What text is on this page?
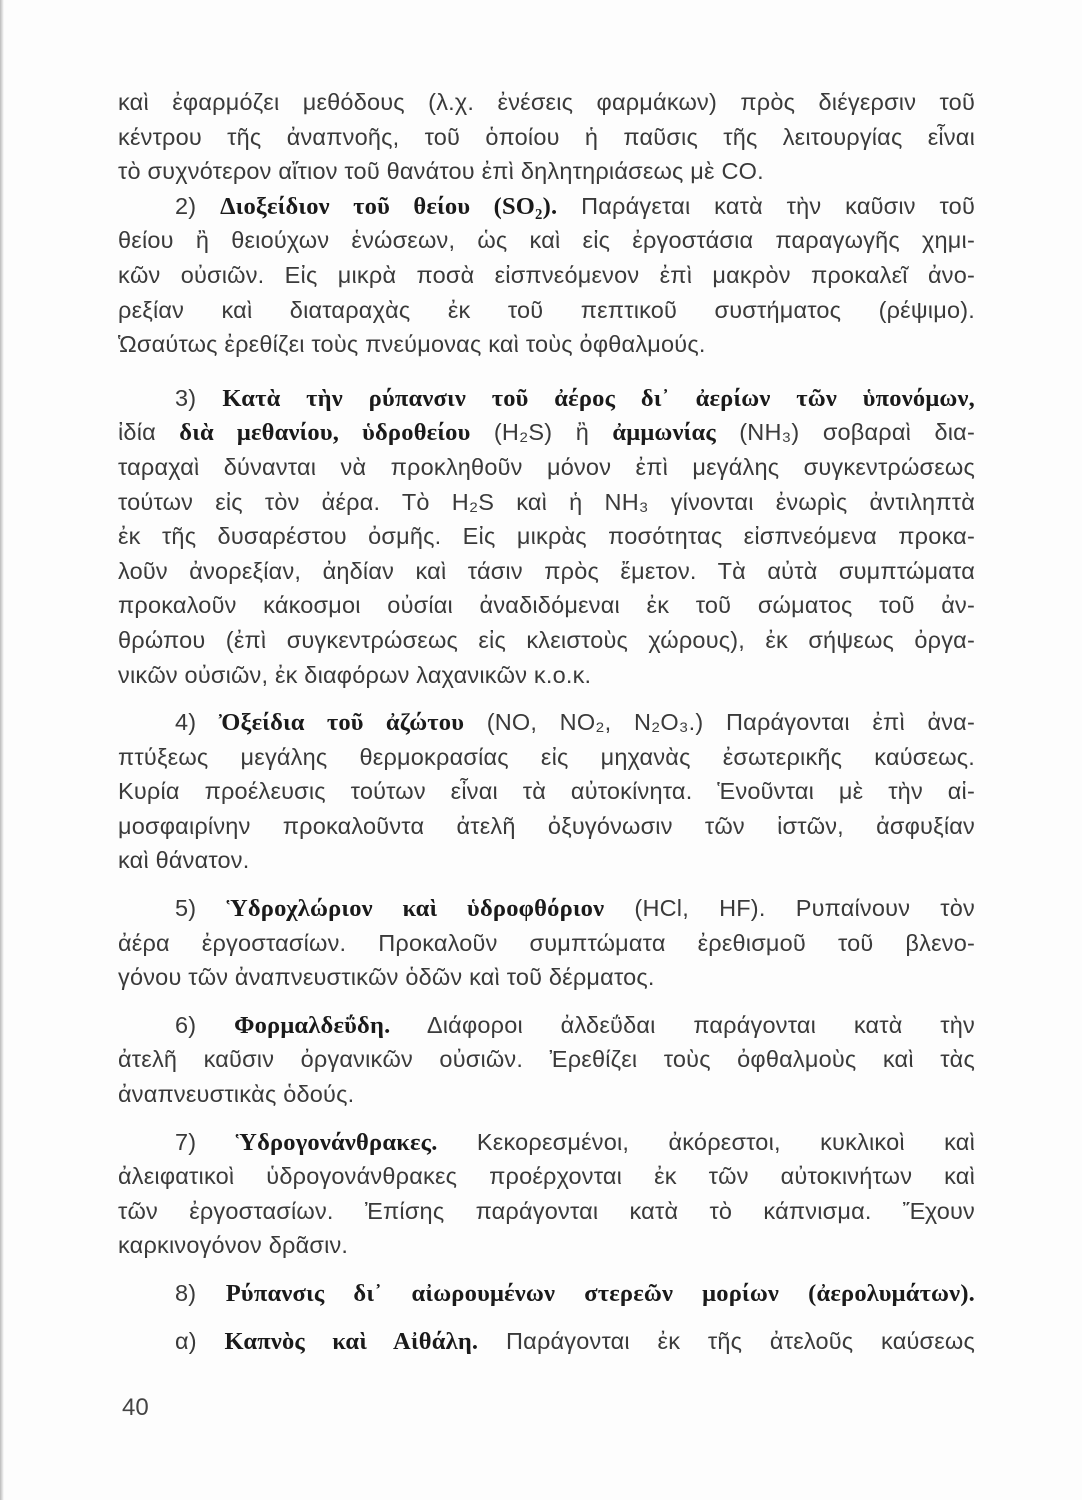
καὶ ἐφαρμόζει μεθόδους (λ.χ. ἐνέσεις φαρμάκων) πρὸς διέγερσιν τοῦ
κέντρου τῆς ἀναπνοῆς, τοῦ ὁποίου ἡ παῦσις τῆς λειτουργίας εἶναι
τὸ συχνότερον αἴτιον τοῦ θανάτου ἐπὶ δηλητηριάσεως μὲ CO.
2) Διοξείδιον τοῦ θείου (SO₂). Παράγεται κατὰ τὴν καῦσιν τοῦ
θείου ἢ θειούχων ἑνώσεων, ὡς καὶ εἰς ἐργοστάσια παραγωγῆς χημι-
κῶν οὐσιῶν. Εἰς μικρὰ ποσὰ εἰσπνεόμενον ἐπὶ μακρὸν προκαλεῖ ἀνο-
ρεξίαν καὶ διαταραχὰς ἐκ τοῦ πεπτικοῦ συστήματος (ρέψιμο).
Ὡσαύτως ἐρεθίζει τοὺς πνεύμονας καὶ τοὺς ὀφθαλμούς.
3) Κατὰ τὴν ρύπανσιν τοῦ ἀέρος δι᾽ ἀερίων τῶν ὑπονόμων,
ἰδία διὰ μεθανίου, ὑδροθείου (H₂S) ἢ ἀμμωνίας (NH₃) σοβαραὶ δια-
ταραχαὶ δύνανται νὰ προκληθοῦν μόνον ἐπὶ μεγάλης συγκεντρώσεως
τούτων εἰς τὸν ἀέρα. Τὸ H₂S καὶ ἡ NH₃ γίνονται ἐνωρὶς ἀντιληπτὰ
ἐκ τῆς δυσαρέστου ὀσμῆς. Εἰς μικρὰς ποσότητας εἰσπνεόμενα προκα-
λοῦν ἀνορεξίαν, ἀηδίαν καὶ τάσιν πρὸς ἔμετον. Τὰ αὐτὰ συμπτώματα
προκαλοῦν κάκοσμοι οὐσίαι ἀναδιδόμεναι ἐκ τοῦ σώματος τοῦ ἀν-
θρώπου (ἐπὶ συγκεντρώσεως εἰς κλειστοὺς χώρους), ἐκ σήψεως ὀργα-
νικῶν οὐσιῶν, ἐκ διαφόρων λαχανικῶν κ.ο.κ.
4) Ὀξείδια τοῦ ἀζώτου (NO, NO₂, N₂O₃.) Παράγονται ἐπὶ ἀνα-
πτύξεως μεγάλης θερμοκρασίας εἰς μηχανὰς ἐσωτερικῆς καύσεως.
Κυρία προέλευσις τούτων εἶναι τὰ αὐτοκίνητα. Ἑνοῦνται μὲ τὴν αἱ-
μοσφαιρίνην προκαλοῦντα ἀτελῆ ὀξυγόνωσιν τῶν ἱστῶν, ἀσφυξίαν
καὶ θάνατον.
5) Ὑδροχλώριον καὶ ὑδροφθόριον (HCl, HF). Ρυπαίνουν τὸν
ἀέρα ἐργοστασίων. Προκαλοῦν συμπτώματα ἐρεθισμοῦ τοῦ βλενο-
γόνου τῶν ἀναπνευστικῶν ὁδῶν καὶ τοῦ δέρματος.
6) Φορμαλδεΰδη. Διάφοροι ἀλδεΰδαι παράγονται κατὰ τὴν
ἀτελῆ καῦσιν ὀργανικῶν οὐσιῶν. Ἐρεθίζει τοὺς ὀφθαλμοὺς καὶ τὰς
ἀναπνευστικὰς ὁδούς.
7) Ὑδρογονάνθρακες. Κεκορεσμένοι, ἀκόρεστοι, κυκλικοὶ καὶ
ἀλειφατικοὶ ὑδρογονάνθρακες προέρχονται ἐκ τῶν αὐτοκινήτων καὶ
τῶν ἐργοστασίων. Ἐπίσης παράγονται κατὰ τὸ κάπνισμα. Ἔχουν
καρκινογόνον δρᾶσιν.
8) Ρύπανσις δι᾽ αἰωρουμένων στερεῶν μορίων (ἀερολυμάτων).
α) Καπνὸς καὶ Αἰθάλη. Παράγονται ἐκ τῆς ἀτελοῦς καύσεως
40
